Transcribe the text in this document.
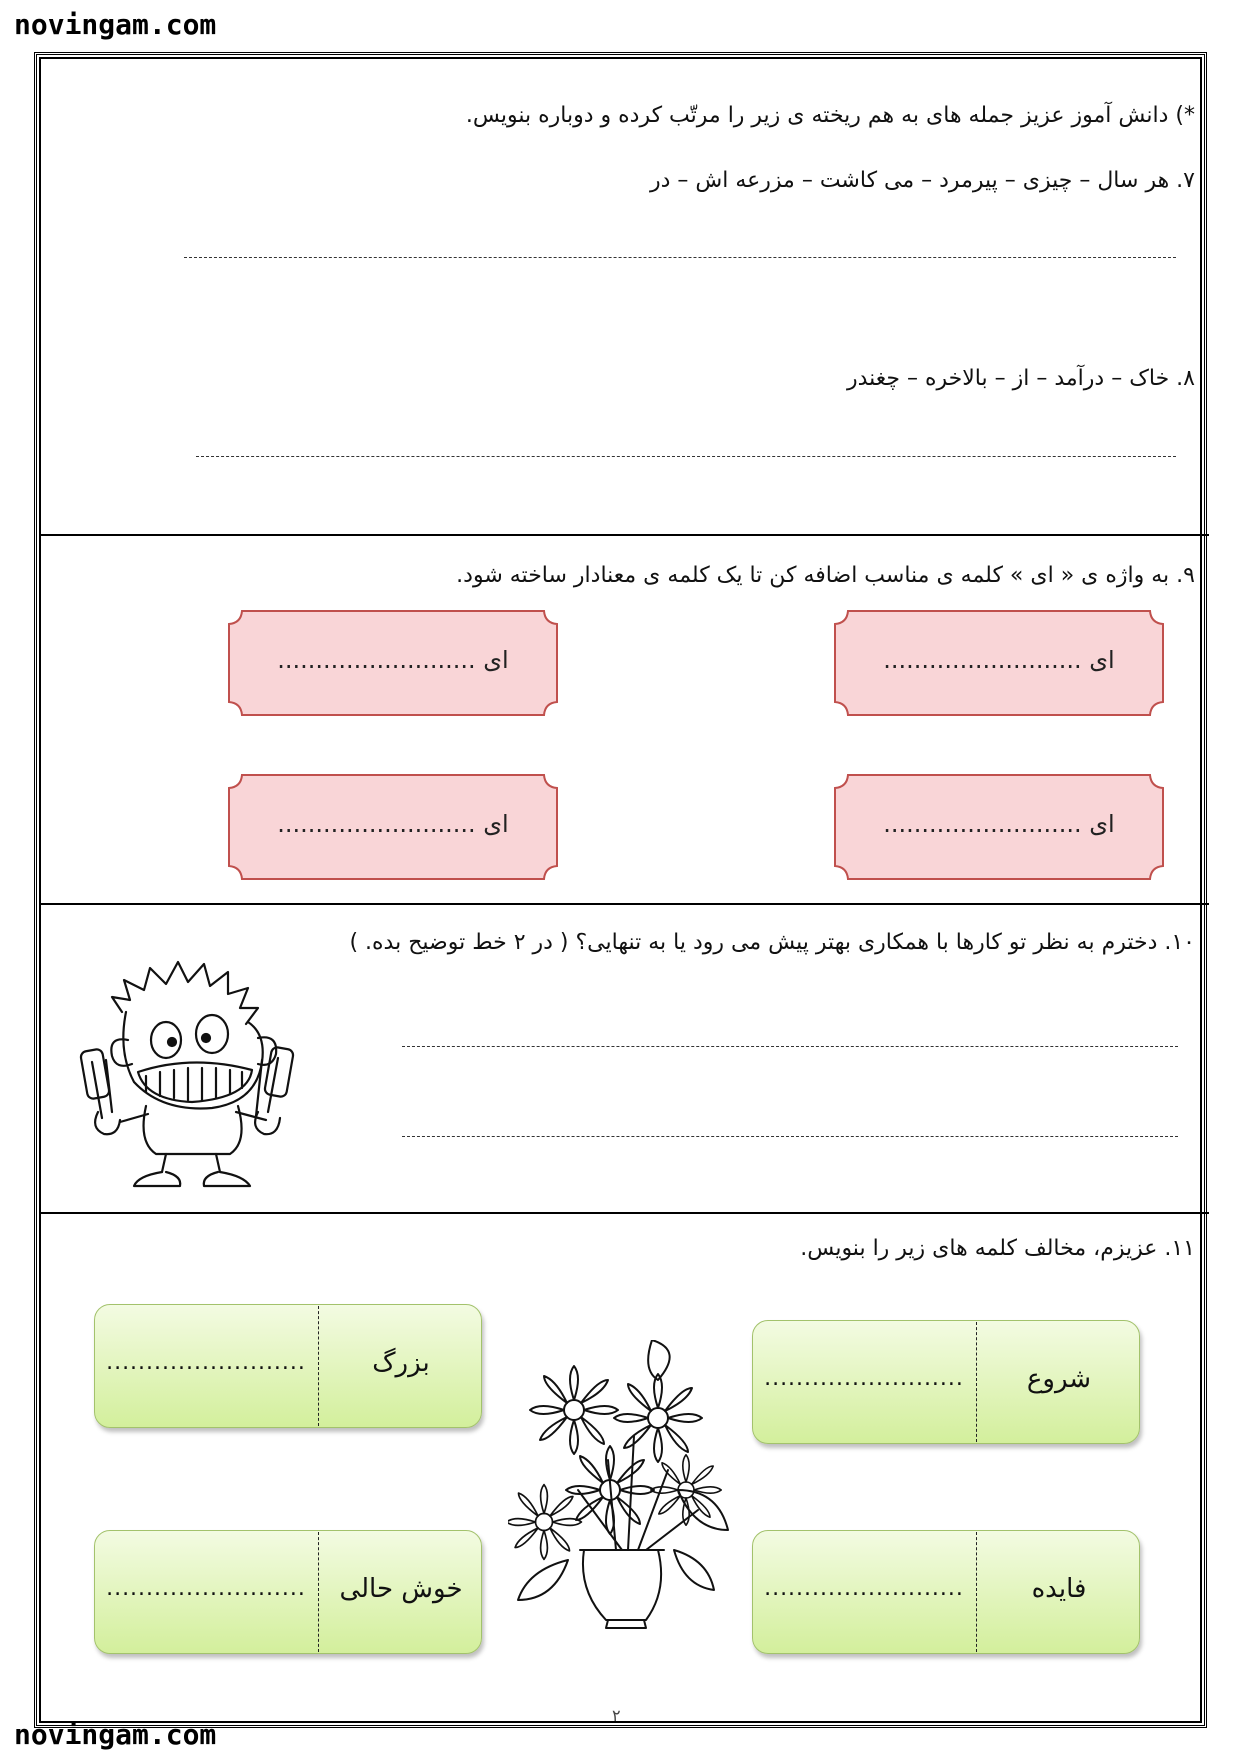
novingam.com
novingam.com
*) دانش آموز عزیز جمله های به هم ریخته ی زیر را مرتّب کرده و دوباره بنویس.
۷. هر سال – چیزی – پیرمرد – می کاشت – مزرعه اش – در
۸. خاک – درآمد – از – بالاخره – چغندر
۹. به واژه ی « ای » کلمه ی مناسب اضافه کن تا یک کلمه ی معنادار ساخته شود.
ای ..........................	ای ..........................
ای ..........................	ای ..........................
۱۰. دخترم به نظر تو کارها با همکاری بهتر پیش می رود یا به تنهایی؟ ( در ۲ خط توضیح بده. )
۱۱. عزیزم، مخالف کلمه های زیر را بنویس.
شروع
.........................
بزرگ
.........................
فایده
.........................
خوش حالی
.........................
۲
